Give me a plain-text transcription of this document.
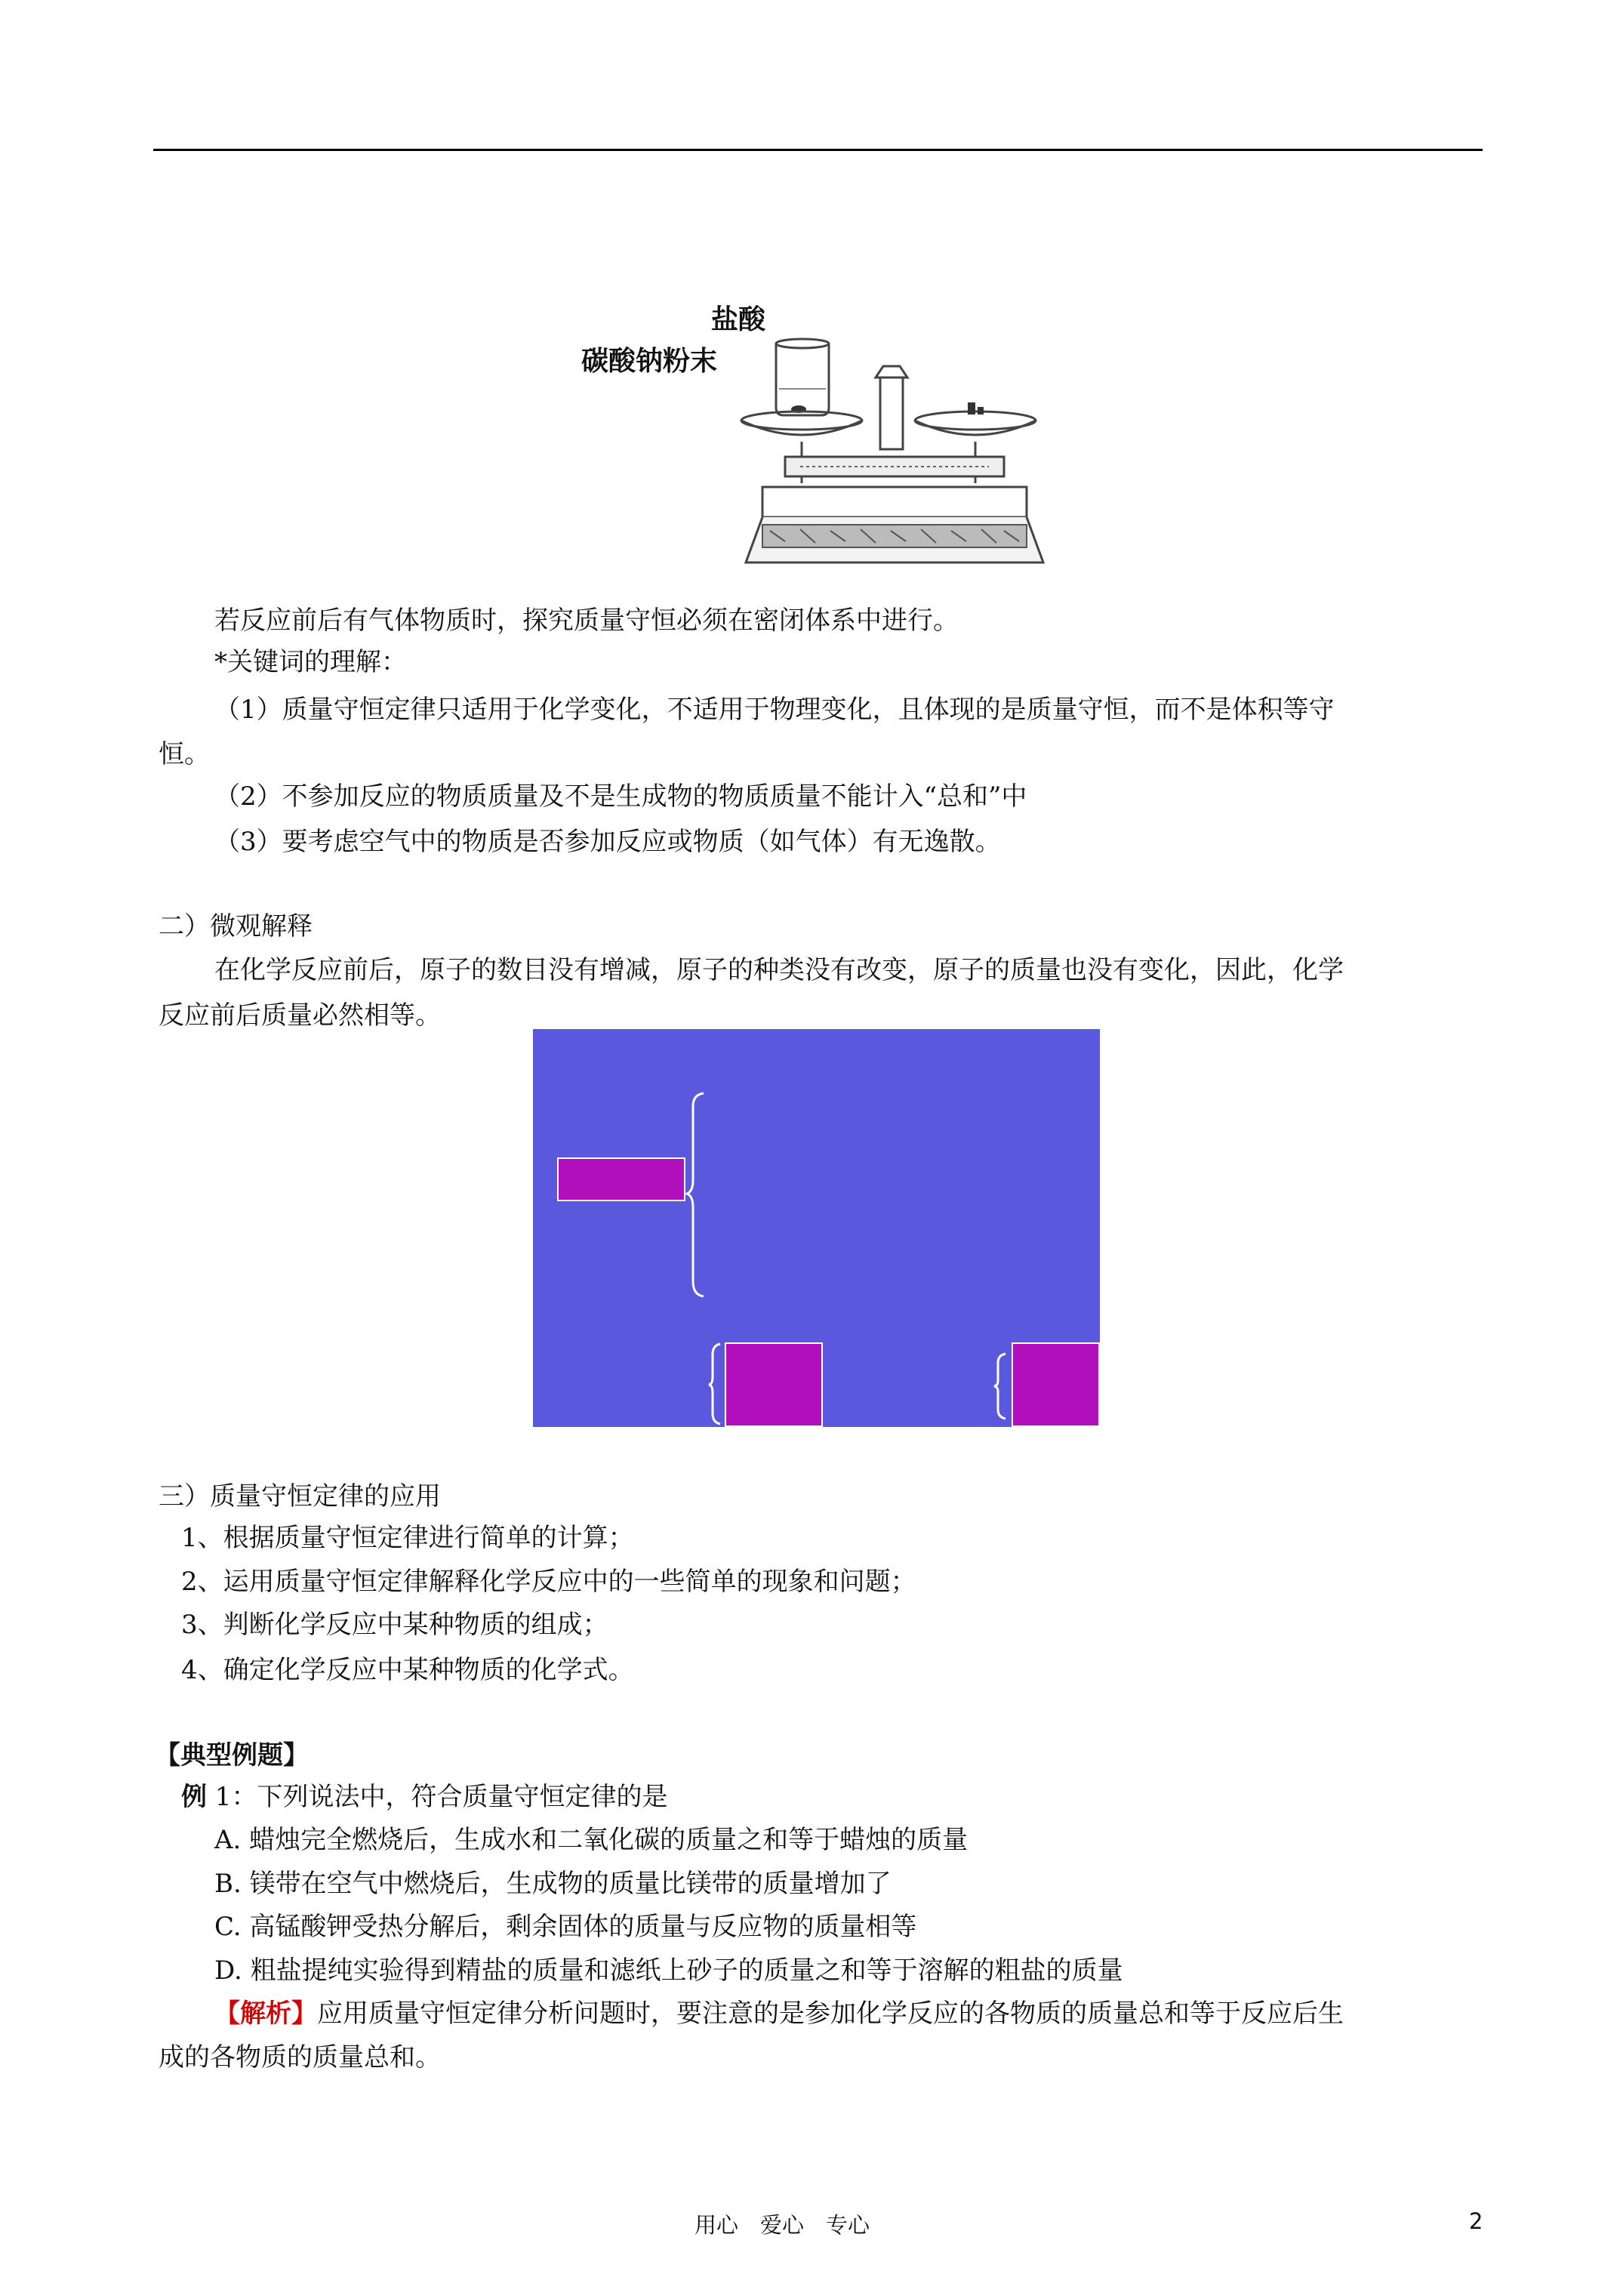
盐酸
碳酸钠粉末
若反应前后有气体物质时，探究质量守恒必须在密闭体系中进行。
*关键词的理解：
（1）质量守恒定律只适用于化学变化，不适用于物理变化，且体现的是质量守恒，而不是体积等守
恒。
（2）不参加反应的物质质量及不是生成物的物质质量不能计入“总和”中
（3）要考虑空气中的物质是否参加反应或物质（如气体）有无逸散。
二）微观解释
在化学反应前后，原子的数目没有增减，原子的种类没有改变，原子的质量也没有变化，因此，化学
反应前后质量必然相等。
三）质量守恒定律的应用
1、根据质量守恒定律进行简单的计算；
2、运用质量守恒定律解释化学反应中的一些简单的现象和问题；
3、判断化学反应中某种物质的组成；
4、确定化学反应中某种物质的化学式。
【典型例题】
例 1：下列说法中，符合质量守恒定律的是
A. 蜡烛完全燃烧后，生成水和二氧化碳的质量之和等于蜡烛的质量
B. 镁带在空气中燃烧后，生成物的质量比镁带的质量增加了
C. 高锰酸钾受热分解后，剩余固体的质量与反应物的质量相等
D. 粗盐提纯实验得到精盐的质量和滤纸上砂子的质量之和等于溶解的粗盐的质量
【解析】应用质量守恒定律分析问题时，要注意的是参加化学反应的各物质的质量总和等于反应后生
成的各物质的质量总和。
用心　爱心　专心	2
